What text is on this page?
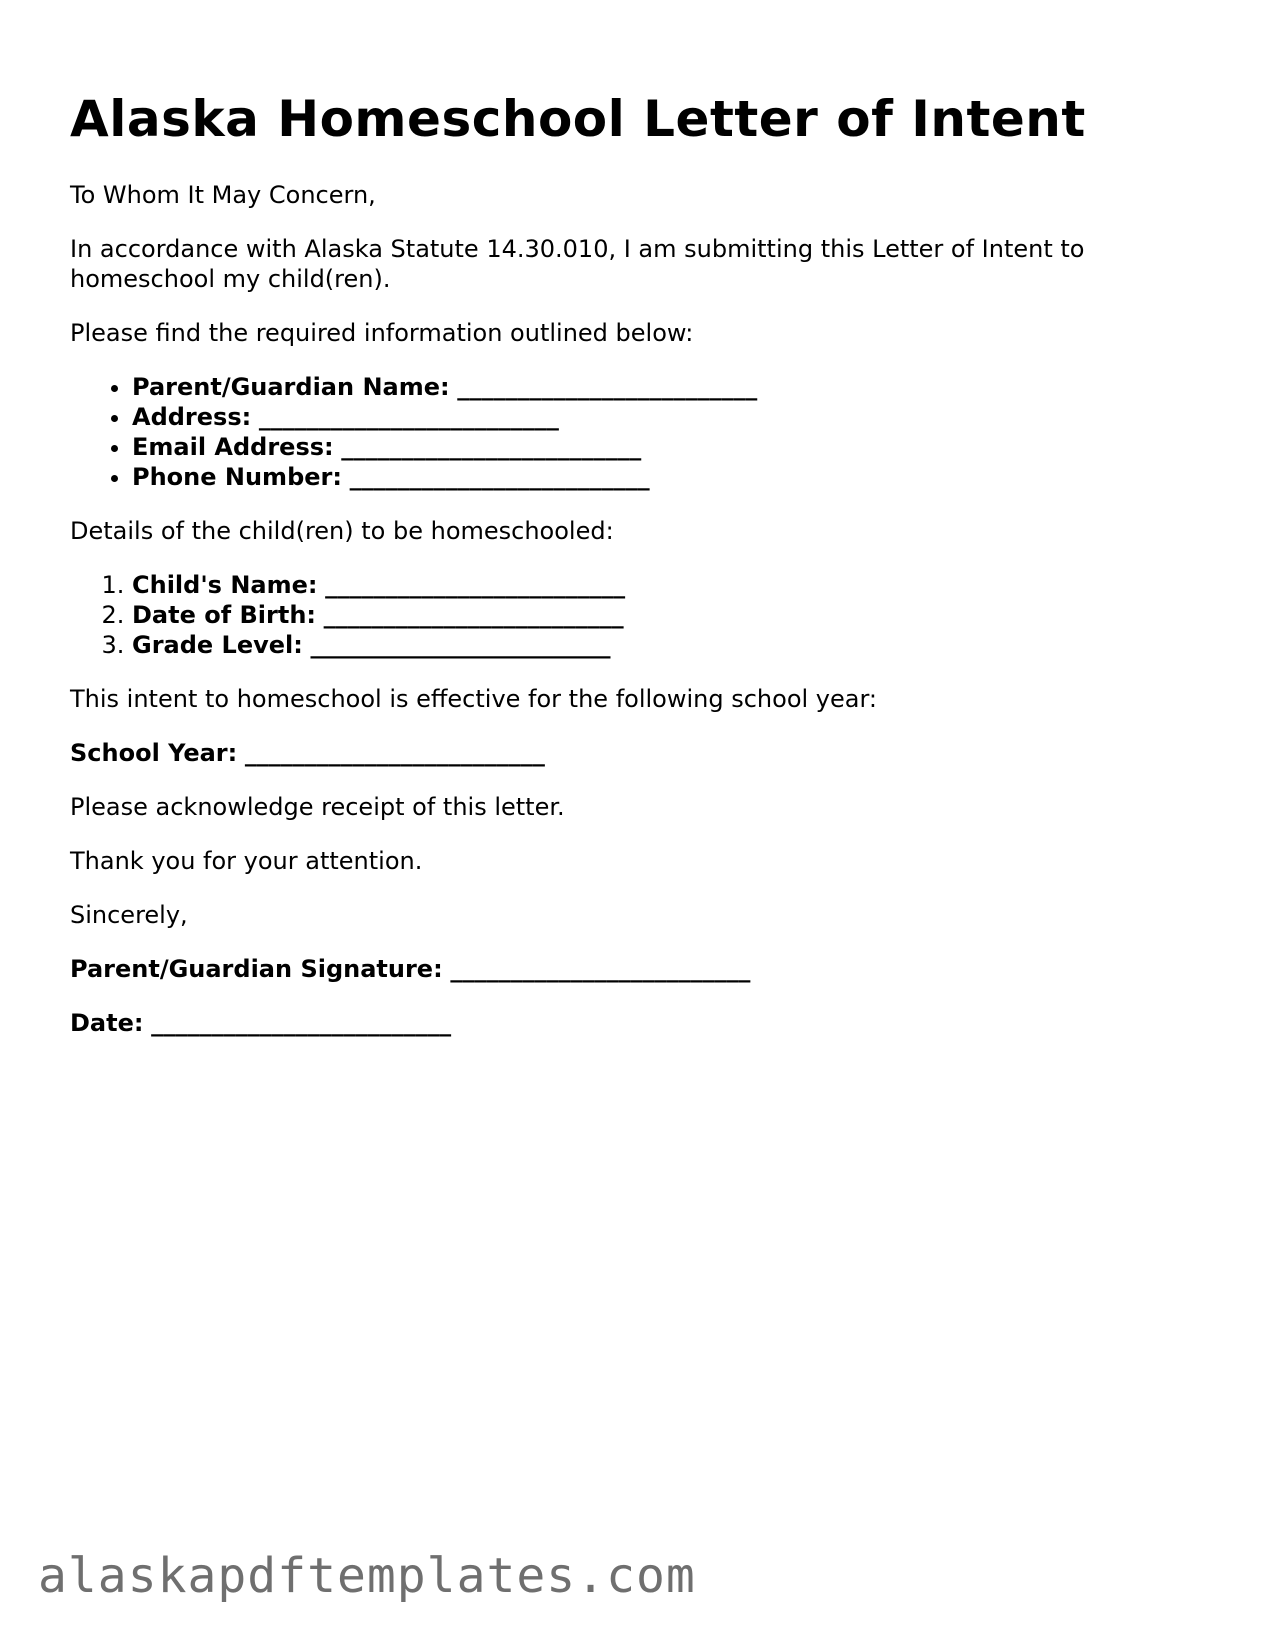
Alaska Homeschool Letter of Intent

To Whom It May Concern,

In accordance with Alaska Statute 14.30.010, I am submitting this Letter of Intent to homeschool my child(ren).

Please find the required information outlined below:

• Parent/Guardian Name: _________________________
• Address: _________________________
• Email Address: _________________________
• Phone Number: _________________________

Details of the child(ren) to be homeschooled:

1. Child's Name: _________________________
2. Date of Birth: _________________________
3. Grade Level: _________________________

This intent to homeschool is effective for the following school year:

School Year: _________________________

Please acknowledge receipt of this letter.

Thank you for your attention.

Sincerely,

Parent/Guardian Signature: _________________________

Date: _________________________

alaskapdftemplates.com
